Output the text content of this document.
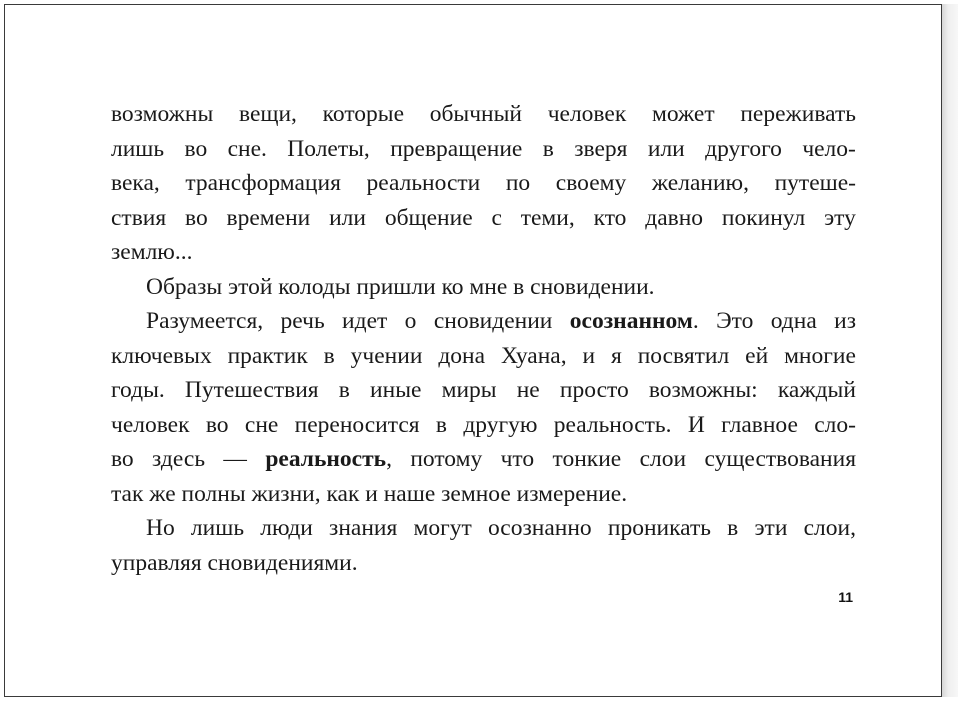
возможны вещи, которые обычный человек может переживать
лишь во сне. Полеты, превращение в зверя или другого чело-
века, трансформация реальности по своему желанию, путеше-
ствия во времени или общение с теми, кто давно покинул эту
землю...
Образы этой колоды пришли ко мне в сновидении.
Разумеется, речь идет о сновидении осознанном. Это одна из
ключевых практик в учении дона Хуана, и я посвятил ей многие
годы. Путешествия в иные миры не просто возможны: каждый
человек во сне переносится в другую реальность. И главное сло-
во здесь — реальность, потому что тонкие слои существования
так же полны жизни, как и наше земное измерение.
Но лишь люди знания могут осознанно проникать в эти слои,
управляя сновидениями.
11
